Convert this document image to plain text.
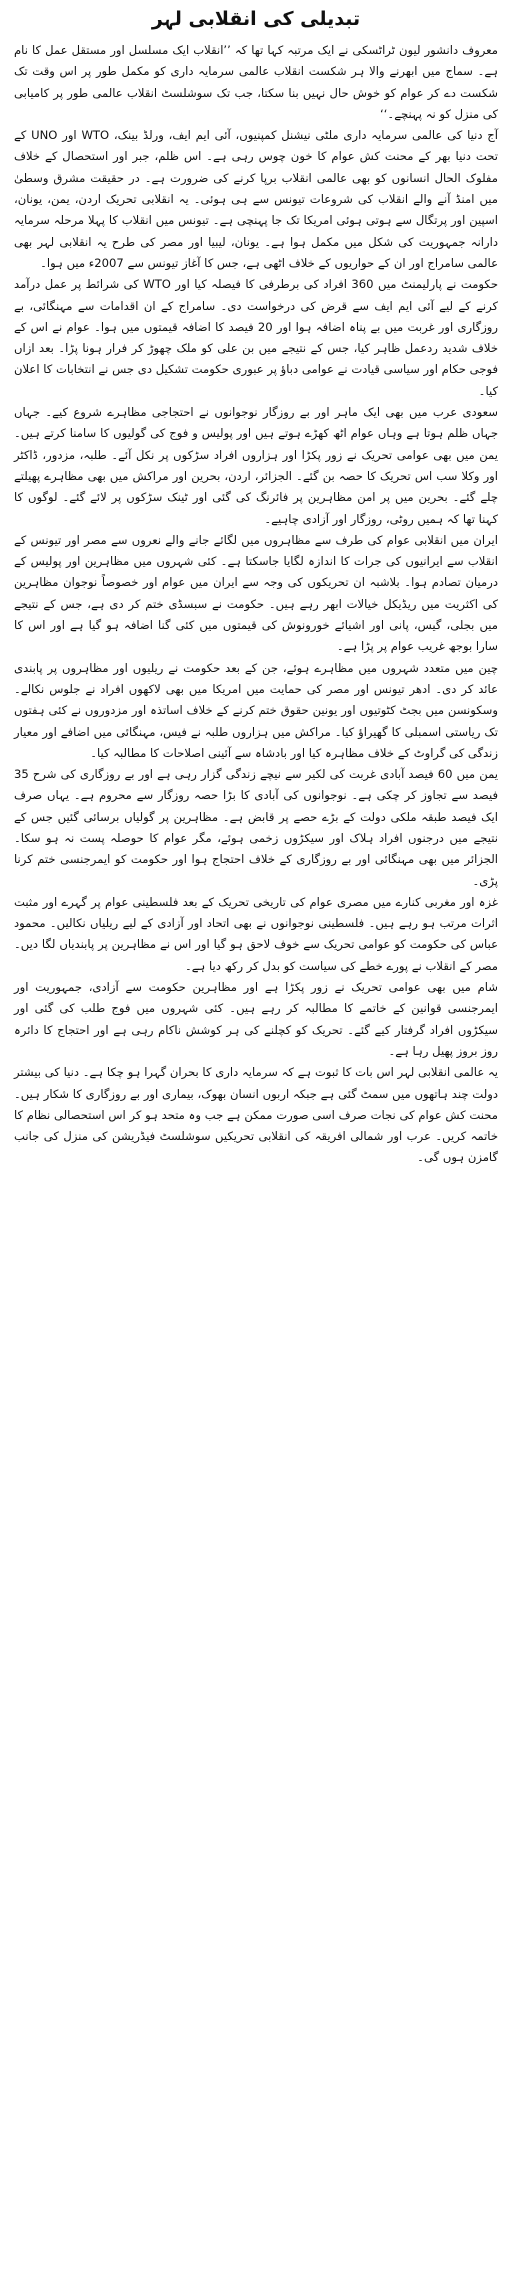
تبدیلی کی انقلابی لہر

معروف دانشور لیون ٹراٹسکی نے ایک مرتبہ کہا تھا کہ ’’انقلاب ایک مسلسل اور مستقل عمل کا نام ہے۔ سماج میں ابھرنے والا ہر شکست انقلاب عالمی سرمایہ داری کو مکمل طور پر اس وقت تک شکست دے کر عوام کو خوش حال نہیں بنا سکتا، جب تک سوشلسٹ انقلاب عالمی طور پر کامیابی کی منزل کو نہ پہنچے۔‘‘

آج دنیا کی عالمی سرمایہ داری ملٹی نیشنل کمپنیوں، آئی ایم ایف، ورلڈ بینک، WTO اور UNO کے تحت دنیا بھر کے محنت کش عوام کا خون چوس رہی ہے۔ اس ظلم، جبر اور استحصال کے خلاف مفلوک الحال انسانوں کو بھی عالمی انقلاب برپا کرنے کی ضرورت ہے۔ در حقیقت مشرق وسطیٰ میں امنڈ آنے والے انقلاب کی شروعات تیونس سے ہی ہوئی۔ یہ انقلابی تحریک اردن، یمن، یونان، اسپین اور پرتگال سے ہوتی ہوئی امریکا تک جا پہنچی ہے۔ تیونس میں انقلاب کا پہلا مرحلہ سرمایہ دارانہ جمہوریت کی شکل میں مکمل ہوا ہے۔ یونان، لیبیا اور مصر کی طرح یہ انقلابی لہر بھی عالمی سامراج اور ان کے حواریوں کے خلاف اٹھی ہے، جس کا آغاز تیونس سے 2007ء میں ہوا۔

حکومت نے پارلیمنٹ میں 360 افراد کی برطرفی کا فیصلہ کیا اور WTO کی شرائط پر عمل درآمد کرنے کے لیے آئی ایم ایف سے قرض کی درخواست دی۔ سامراج کے ان اقدامات سے مہنگائی، بے روزگاری اور غربت میں بے پناہ اضافہ ہوا اور 20 فیصد کا اضافہ قیمتوں میں ہوا۔ عوام نے اس کے خلاف شدید ردعمل ظاہر کیا، جس کے نتیجے میں بن علی کو ملک چھوڑ کر فرار ہونا پڑا۔ بعد ازاں فوجی حکام اور سیاسی قیادت نے عوامی دباؤ پر عبوری حکومت تشکیل دی جس نے انتخابات کا اعلان کیا۔

سعودی عرب میں بھی ایک ماہر اور بے روزگار نوجوانوں نے احتجاجی مظاہرے شروع کیے۔ جہاں جہاں ظلم ہوتا ہے وہاں عوام اٹھ کھڑے ہوتے ہیں اور پولیس و فوج کی گولیوں کا سامنا کرتے ہیں۔ یمن میں بھی عوامی تحریک نے زور پکڑا اور ہزاروں افراد سڑکوں پر نکل آئے۔ طلبہ، مزدور، ڈاکٹر اور وکلا سب اس تحریک کا حصہ بن گئے۔ الجزائر، اردن، بحرین اور مراکش میں بھی مظاہرے پھیلتے چلے گئے۔ بحرین میں پر امن مظاہرین پر فائرنگ کی گئی اور ٹینک سڑکوں پر لائے گئے۔ لوگوں کا کہنا تھا کہ ہمیں روٹی، روزگار اور آزادی چاہیے۔

ایران میں انقلابی عوام کی طرف سے مظاہروں میں لگائے جانے والے نعروں سے مصر اور تیونس کے انقلاب سے ایرانیوں کی جرات کا اندازہ لگایا جاسکتا ہے۔ کئی شہروں میں مظاہرین اور پولیس کے درمیان تصادم ہوا۔ بلاشبہ ان تحریکوں کی وجہ سے ایران میں عوام اور خصوصاً نوجوان مظاہرین کی اکثریت میں ریڈیکل خیالات ابھر رہے ہیں۔ حکومت نے سبسڈی ختم کر دی ہے، جس کے نتیجے میں بجلی، گیس، پانی اور اشیائے خورونوش کی قیمتوں میں کئی گنا اضافہ ہو گیا ہے اور اس کا سارا بوجھ غریب عوام پر پڑا ہے۔

چین میں متعدد شہروں میں مظاہرے ہوئے، جن کے بعد حکومت نے ریلیوں اور مظاہروں پر پابندی عائد کر دی۔ ادھر تیونس اور مصر کی حمایت میں امریکا میں بھی لاکھوں افراد نے جلوس نکالے۔ وسکونسن میں بجٹ کٹوتیوں اور یونین حقوق ختم کرنے کے خلاف اساتذہ اور مزدوروں نے کئی ہفتوں تک ریاستی اسمبلی کا گھیراؤ کیا۔ مراکش میں ہزاروں طلبہ نے فیس، مہنگائی میں اضافے اور معیار زندگی کی گراوٹ کے خلاف مظاہرہ کیا اور بادشاہ سے آئینی اصلاحات کا مطالبہ کیا۔

یمن میں 60 فیصد آبادی غربت کی لکیر سے نیچے زندگی گزار رہی ہے اور بے روزگاری کی شرح 35 فیصد سے تجاوز کر چکی ہے۔ نوجوانوں کی آبادی کا بڑا حصہ روزگار سے محروم ہے۔ یہاں صرف ایک فیصد طبقہ ملکی دولت کے بڑے حصے پر قابض ہے۔ مظاہرین پر گولیاں برسائی گئیں جس کے نتیجے میں درجنوں افراد ہلاک اور سیکڑوں زخمی ہوئے، مگر عوام کا حوصلہ پست نہ ہو سکا۔ الجزائر میں بھی مہنگائی اور بے روزگاری کے خلاف احتجاج ہوا اور حکومت کو ایمرجنسی ختم کرنا پڑی۔

غزہ اور مغربی کنارے میں مصری عوام کی تاریخی تحریک کے بعد فلسطینی عوام پر گہرے اور مثبت اثرات مرتب ہو رہے ہیں۔ فلسطینی نوجوانوں نے بھی اتحاد اور آزادی کے لیے ریلیاں نکالیں۔ محمود عباس کی حکومت کو عوامی تحریک سے خوف لاحق ہو گیا اور اس نے مظاہرین پر پابندیاں لگا دیں۔ مصر کے انقلاب نے پورے خطے کی سیاست کو بدل کر رکھ دیا ہے۔

شام میں بھی عوامی تحریک نے زور پکڑا ہے اور مظاہرین حکومت سے آزادی، جمہوریت اور ایمرجنسی قوانین کے خاتمے کا مطالبہ کر رہے ہیں۔ کئی شہروں میں فوج طلب کی گئی اور سیکڑوں افراد گرفتار کیے گئے۔ تحریک کو کچلنے کی ہر کوشش ناکام رہی ہے اور احتجاج کا دائرہ روز بروز پھیل رہا ہے۔

یہ عالمی انقلابی لہر اس بات کا ثبوت ہے کہ سرمایہ داری کا بحران گہرا ہو چکا ہے۔ دنیا کی بیشتر دولت چند ہاتھوں میں سمٹ گئی ہے جبکہ اربوں انسان بھوک، بیماری اور بے روزگاری کا شکار ہیں۔ محنت کش عوام کی نجات صرف اسی صورت ممکن ہے جب وہ متحد ہو کر اس استحصالی نظام کا خاتمہ کریں۔ عرب اور شمالی افریقہ کی انقلابی تحریکیں سوشلسٹ فیڈریشن کی منزل کی جانب گامزن ہوں گی۔
